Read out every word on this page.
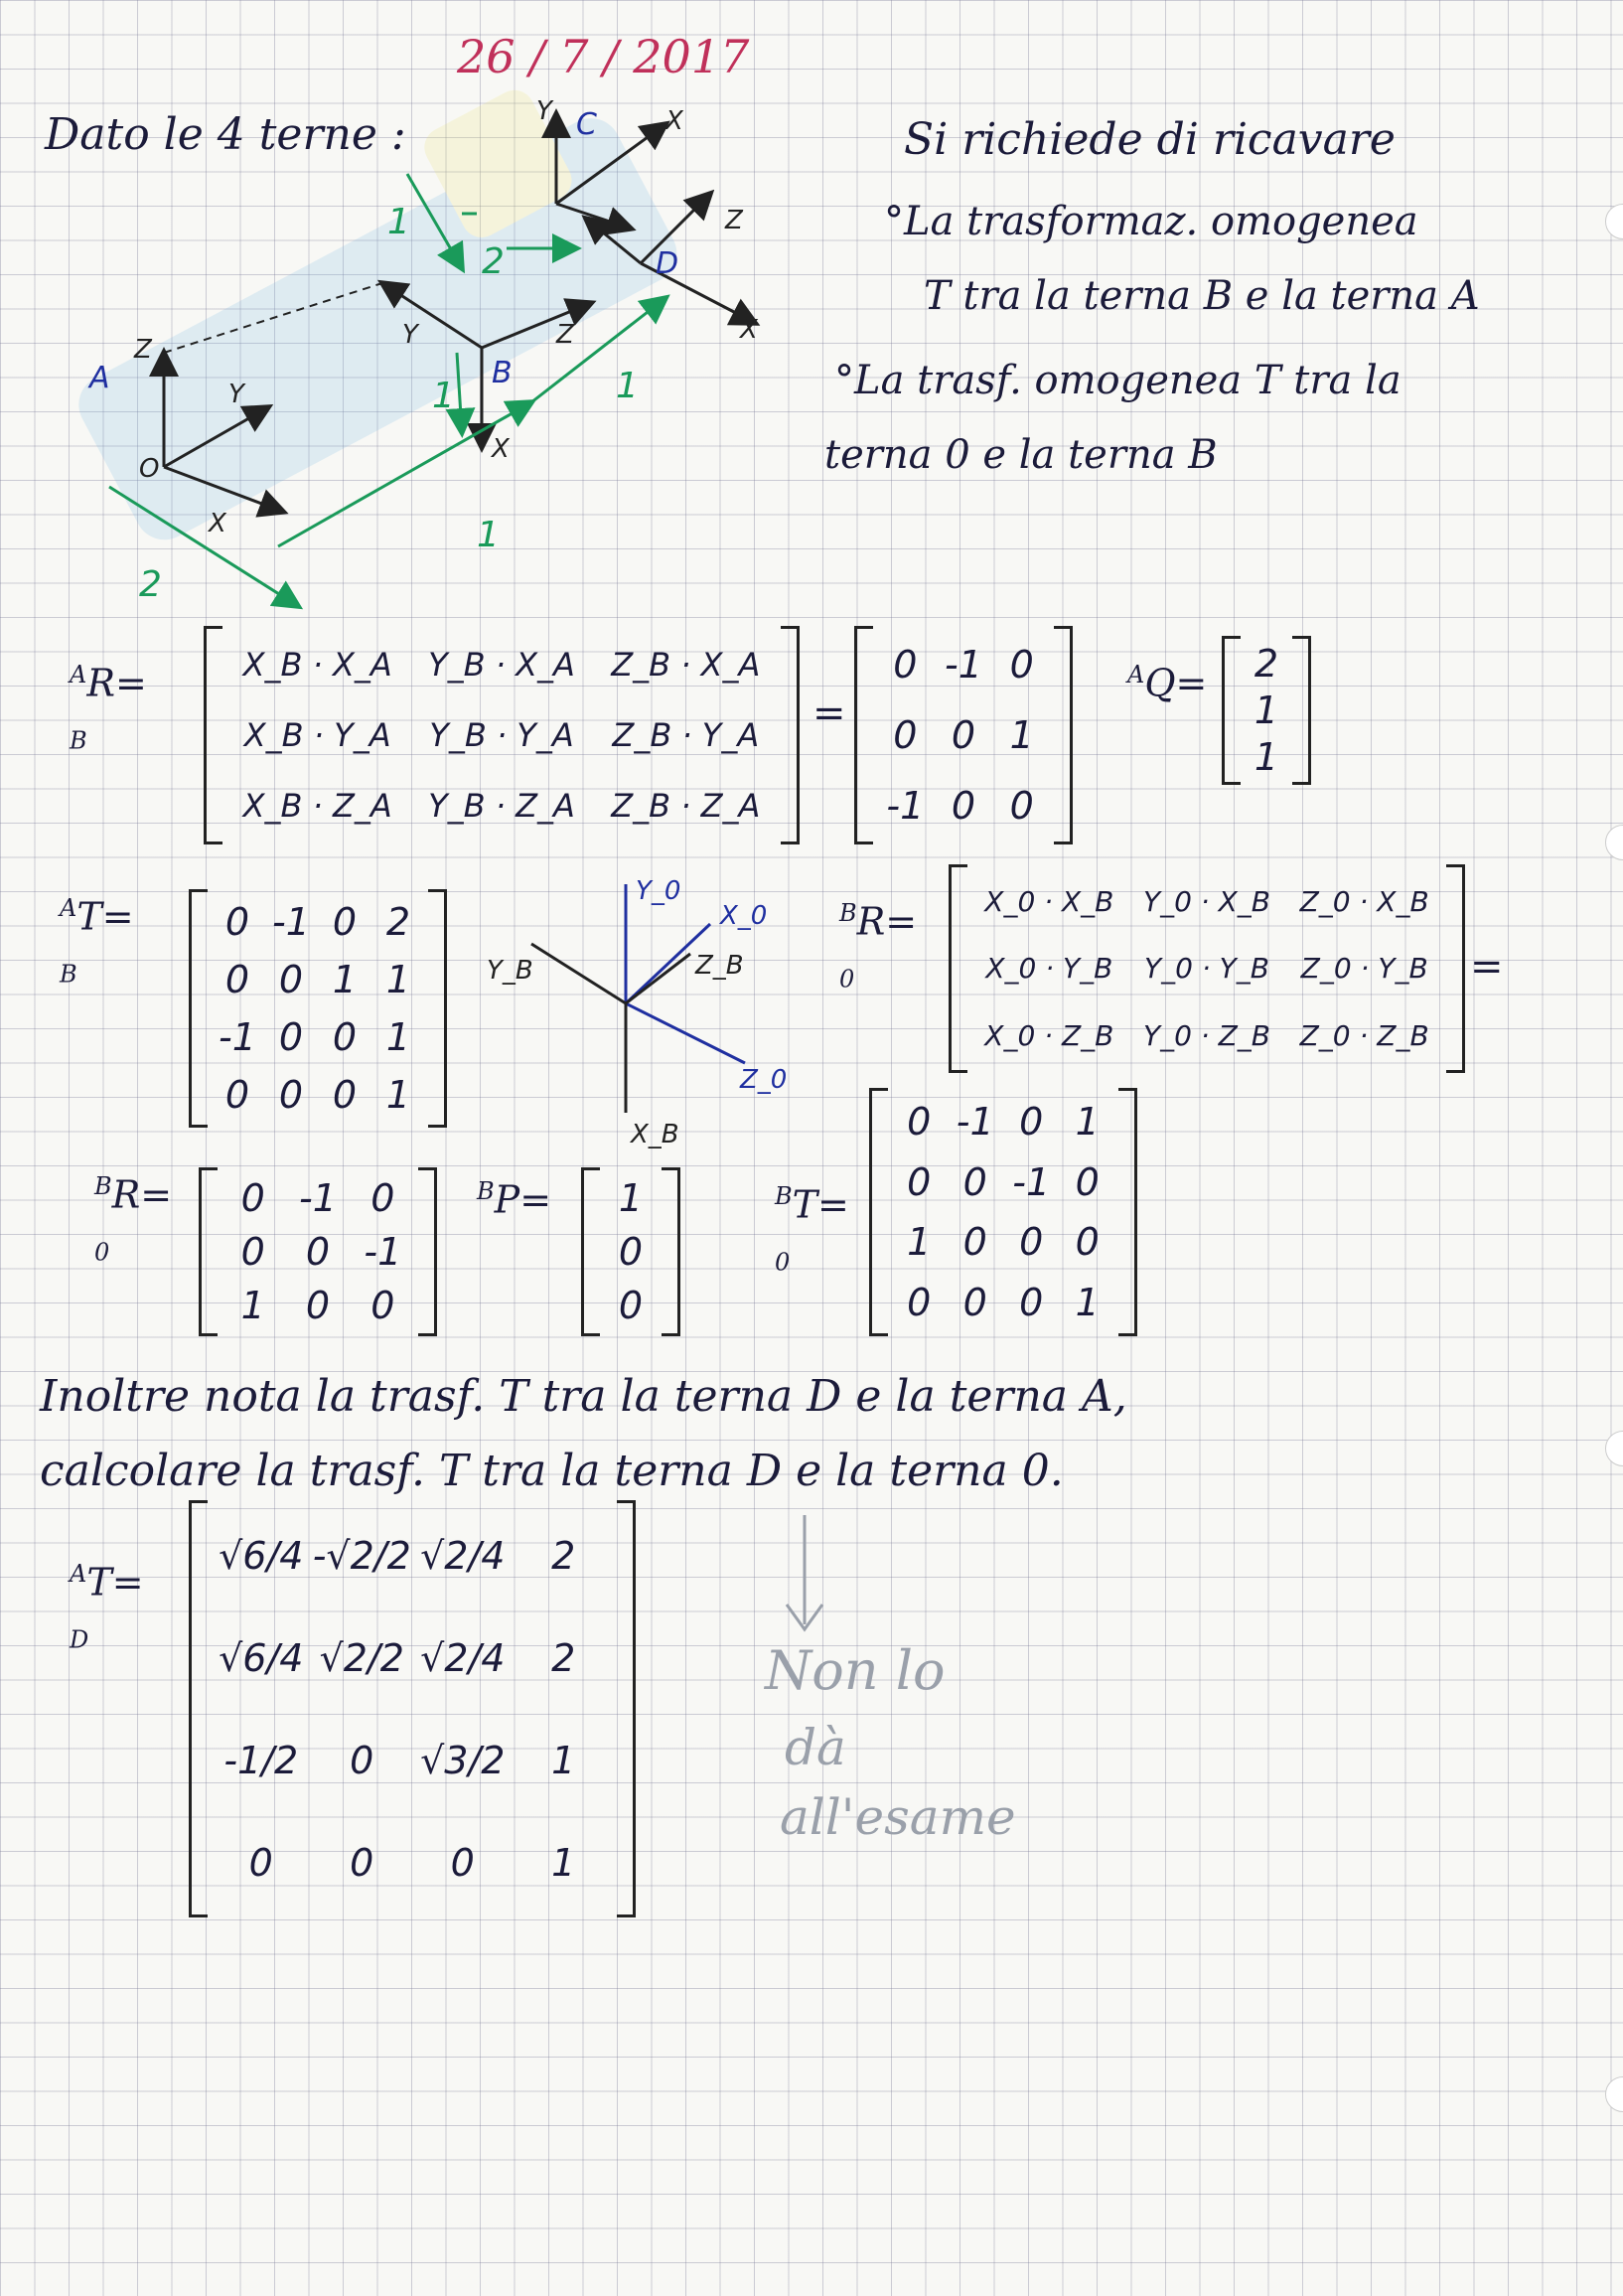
26 / 7 / 2017
Dato le 4 terne :	Si richiede di ricavare
°La trasformaz. omogenea
T tra la terna B e la terna A
°La trasf. omogenea T tra la
terna 0 e la terna B
A	B
C
D
O
Z
Y
X
Y
X
Z
Y	X
Z
X
2
1
2
1	1
1
$^A$R=
$_B$
X_B · X_A	Y_B · X_A	Z_B · X_A
X_B · Y_A	Y_B · Y_A	Z_B · Y_A
X_B · Z_A	Y_B · Z_A	Z_B · Z_A
=
0 -1 0
0 0 1
-1 0 0
$^A$Q= 2
1
1
$^A$T=
$_B$
0 -1 0 2
0 0 1 1
-1 0 0 1
0 0 0 1
Y_B
Y_0
X_0
Z_B
Z_0
X_B
$^B$R=
$_0$
X_0 · X_B	Y_0 · X_B	Z_0 · X_B
X_0 · Y_B	Y_0 · Y_B	Z_0 · Y_B
X_0 · Z_B	Y_0 · Z_B	Z_0 · Z_B
=
$^B$R=
$_0$
0 -1 0
0	0 -1
1	0	0
$^B$P=	1
0
0
$^B$T=
$_0$
0 -1 0 1
0 0 -1 0
1 0 0 0
0 0 0 1
Inoltre nota la trasf. T tra la terna D e la terna A,
calcolare la trasf. T tra la terna D e la terna 0.
$^A$T=
$_D$
√6/4 -√2/2 √2/4	2
√6/4 √2/2 √2/4	2
-1/2	0	√3/2	1
0	0	0	1
Non lo
dà
all'esame
